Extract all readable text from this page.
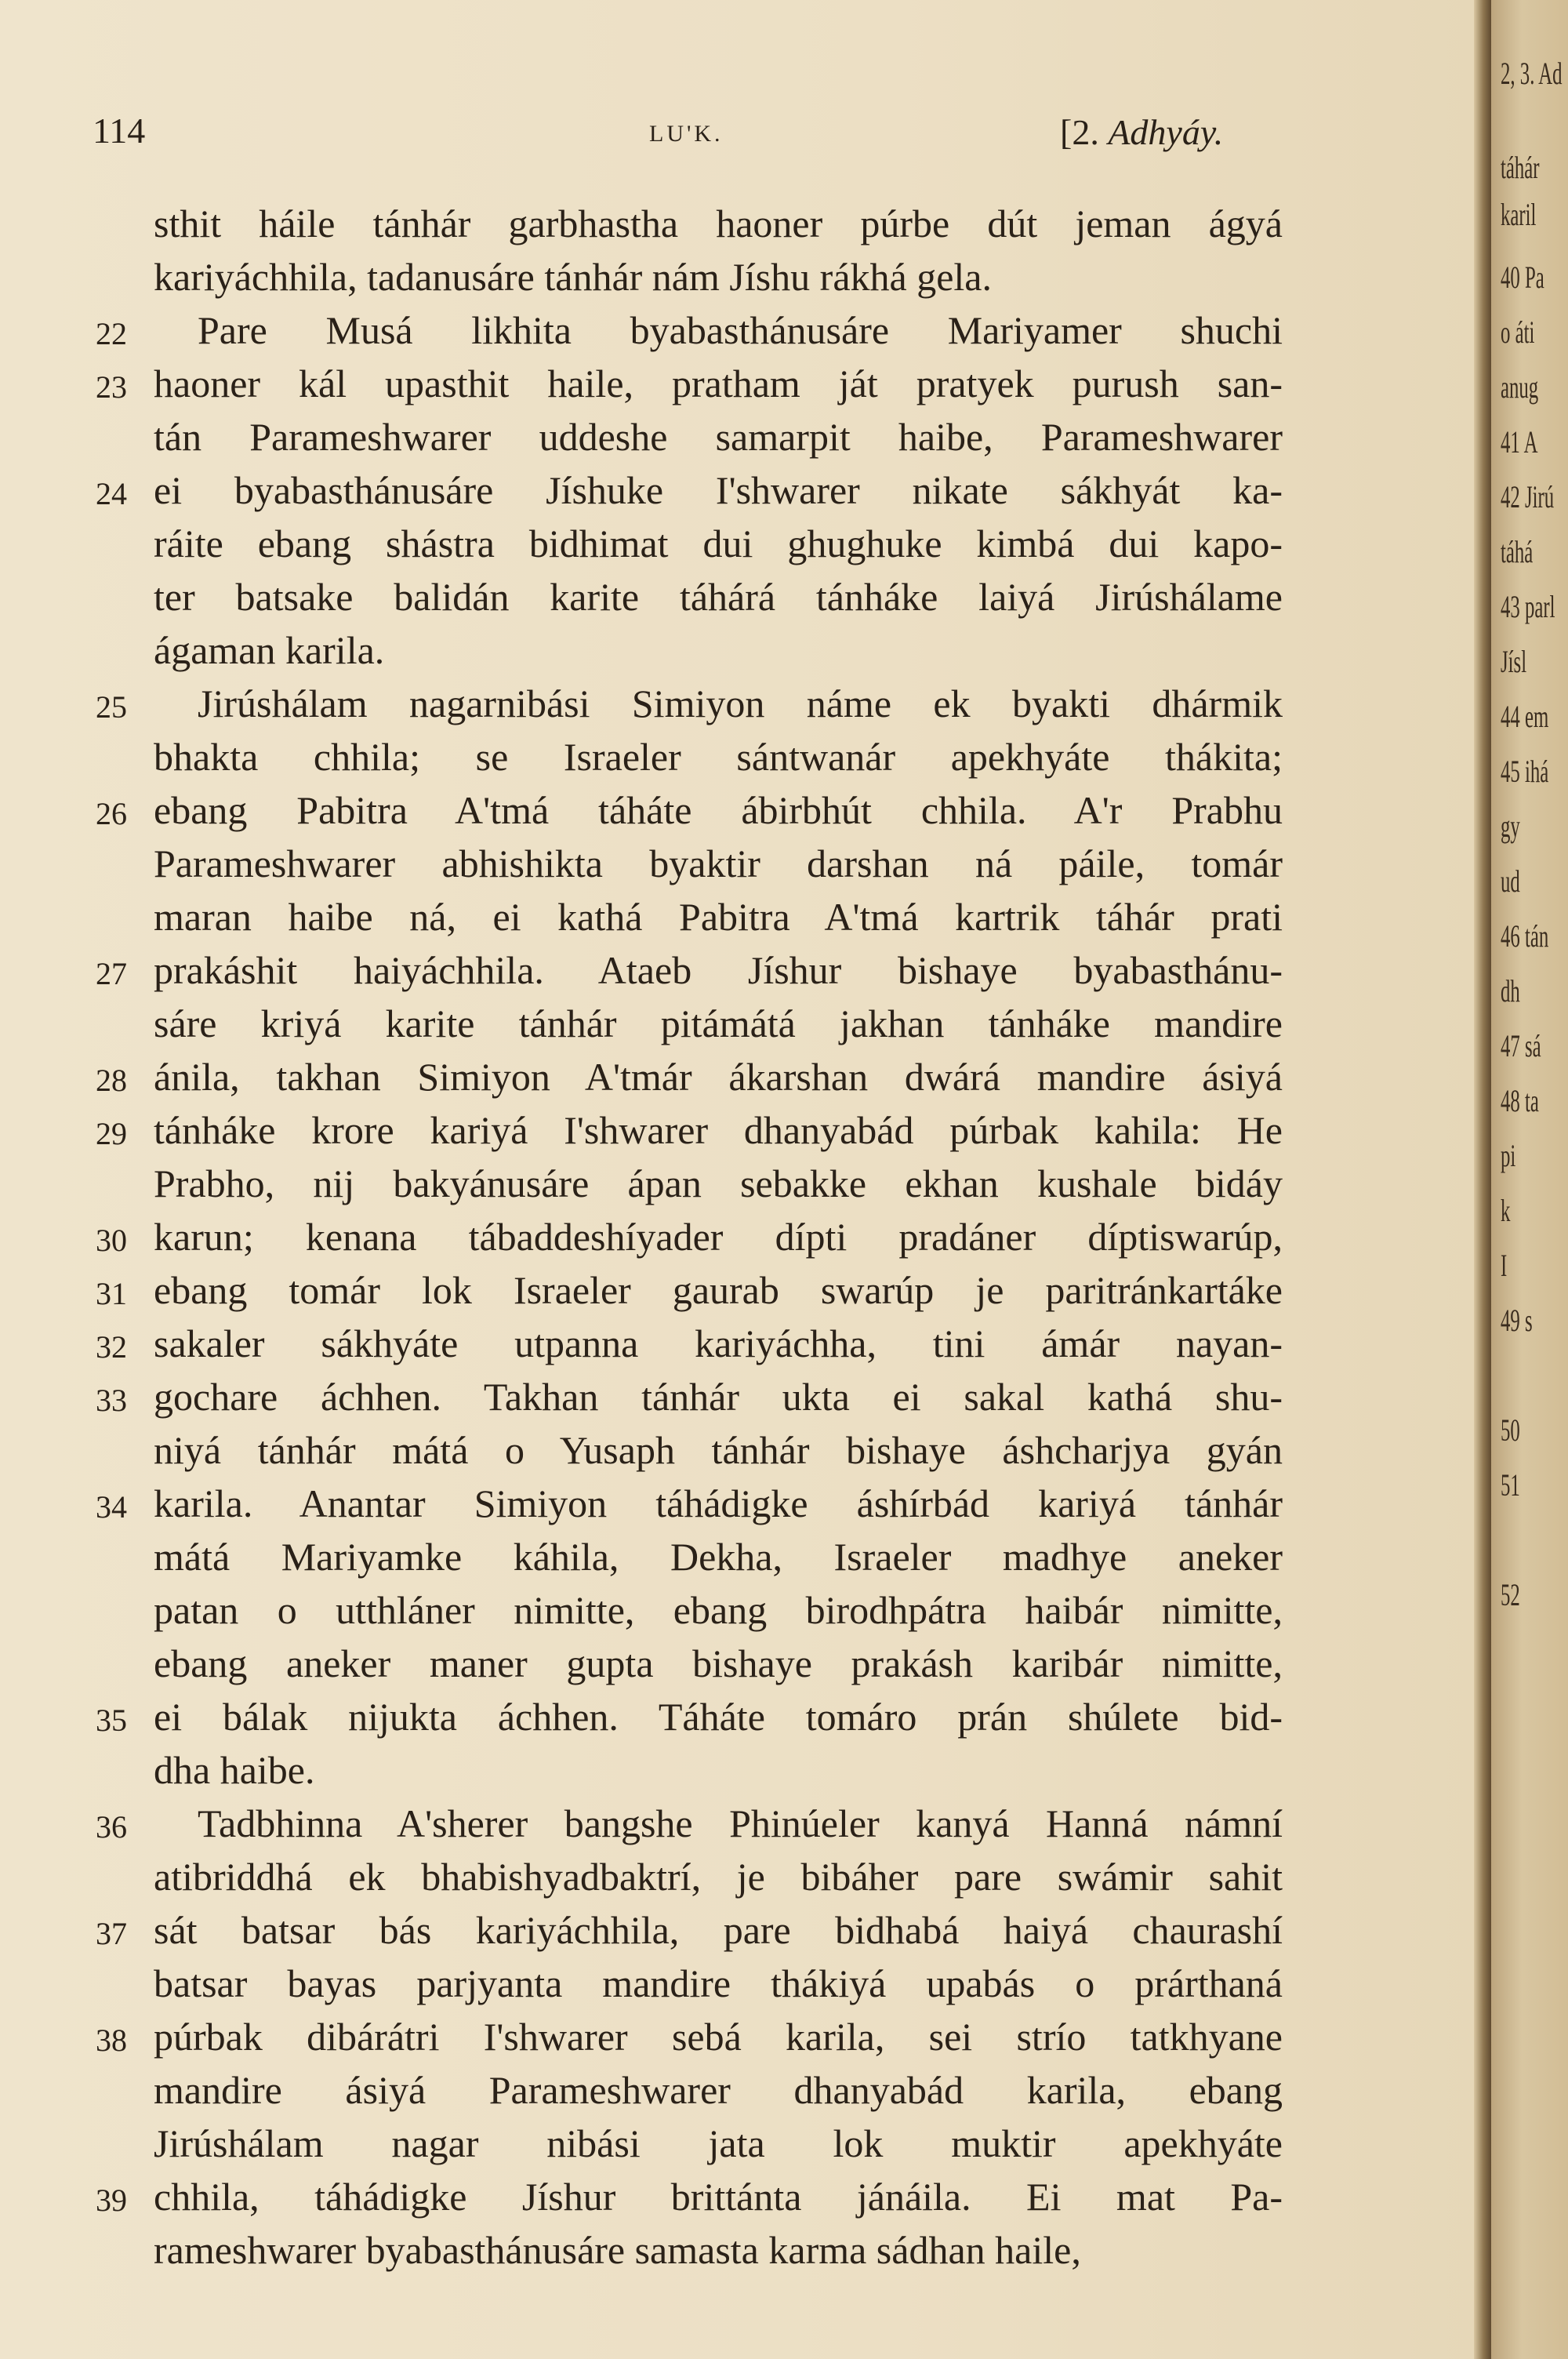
2, 3. Ad
táhár
karil
40 Pa
o áti
anug
41 A
42 Jirú
táhá
43 parl
Jísl
44 em
45 ihá
gy
ud
46 tán
dh
47 sá
48 ta
pi
k
I
49 s
50
51
52
114	LU'K.	[2. Adhyáy.
sthit háile tánhár garbhastha haoner púrbe dút jeman ágyá
kariyáchhila, tadanusáre tánhár nám Jíshu rákhá gela.
22	Pare Musá likhita byabasthánusáre Mariyamer shuchi
23 haoner kál upasthit haile, pratham ját pratyek purush san-
tán Parameshwarer uddeshe samarpit haibe, Parameshwarer
24 ei byabasthánusáre Jíshuke I'shwarer nikate sákhyát ka-
ráite ebang shástra bidhimat dui ghughuke kimbá dui kapo-
ter batsake balidán karite táhárá tánháke laiyá Jirúshálame
ágaman karila.
25	Jirúshálam nagarnibási Simiyon náme ek byakti dhármik
bhakta chhila; se Israeler sántwanár apekhyáte thákita;
26 ebang Pabitra A'tmá táháte ábirbhút chhila. A'r Prabhu
Parameshwarer abhishikta byaktir darshan ná páile, tomár
maran haibe ná, ei kathá Pabitra A'tmá kartrik táhár prati
27 prakáshit haiyáchhila. Ataeb Jíshur bishaye byabasthánu-
sáre kriyá karite tánhár pitámátá jakhan tánháke mandire
28 ánila, takhan Simiyon A'tmár ákarshan dwárá mandire ásiyá
29 tánháke krore kariyá I'shwarer dhanyabád púrbak kahila: He
Prabho, nij bakyánusáre ápan sebakke ekhan kushale bidáy
30 karun; kenana tábaddeshíyader dípti pradáner díptiswarúp,
31 ebang tomár lok Israeler gaurab swarúp je paritránkartáke
32 sakaler sákhyáte utpanna kariyáchha, tini ámár nayan-
33 gochare áchhen. Takhan tánhár ukta ei sakal kathá shu-
niyá tánhár mátá o Yusaph tánhár bishaye áshcharjya gyán
34 karila. Anantar Simiyon táhádigke áshírbád kariyá tánhár
mátá Mariyamke káhila, Dekha, Israeler madhye aneker
patan o utthláner nimitte, ebang birodhpátra haibár nimitte,
ebang aneker maner gupta bishaye prakásh karibár nimitte,
35 ei bálak nijukta áchhen. Táháte tomáro prán shúlete bid-
dha haibe.
36	Tadbhinna A'sherer bangshe Phinúeler kanyá Hanná námní
atibriddhá ek bhabishyadbaktrí, je bibáher pare swámir sahit
37 sát batsar bás kariyáchhila, pare bidhabá haiyá chaurashí
batsar bayas parjyanta mandire thákiyá upabás o prárthaná
38 púrbak dibárátri I'shwarer sebá karila, sei strío tatkhyane
mandire ásiyá Parameshwarer dhanyabád karila, ebang
Jirúshálam nagar nibási jata lok muktir apekhyáte
39 chhila, táhádigke Jíshur brittánta jánáila. Ei mat Pa-
rameshwarer byabasthánusáre samasta karma sádhan haile,
